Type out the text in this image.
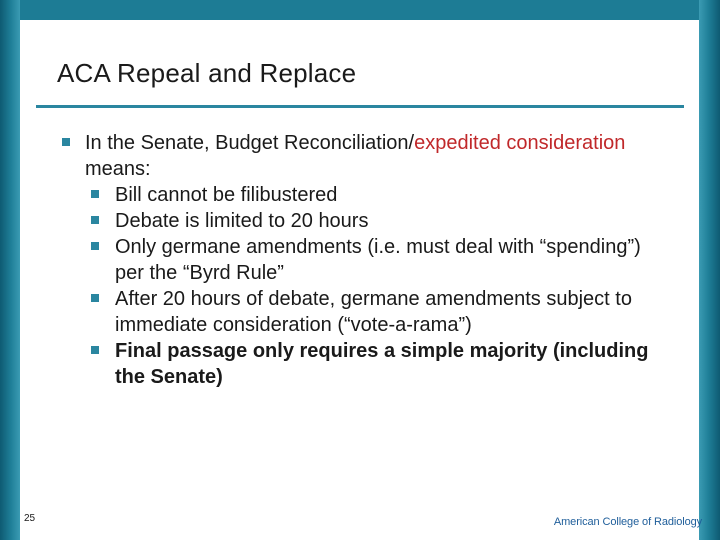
ACA Repeal and Replace
In the Senate, Budget Reconciliation/expedited consideration means:
Bill cannot be filibustered
Debate is limited to 20 hours
Only germane amendments (i.e. must deal with “spending”) per the “Byrd Rule”
After 20 hours of debate, germane amendments subject to immediate consideration (“vote-a-rama”)
Final passage only requires a simple majority (including the Senate)
25	American College of Radiology
